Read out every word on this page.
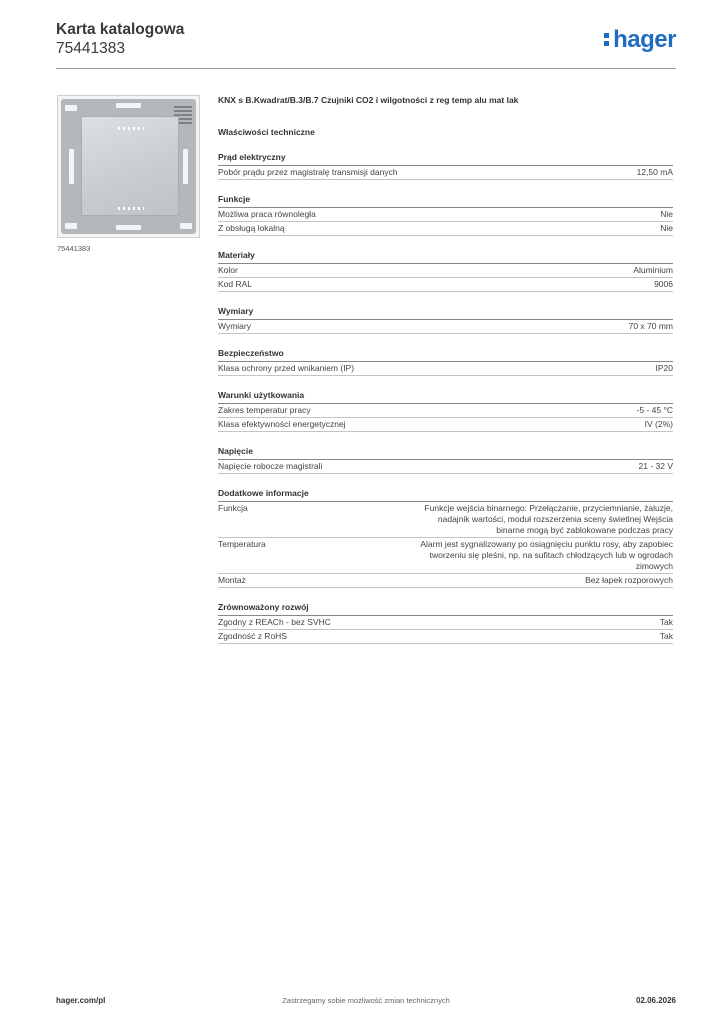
Karta katalogowa
75441383	hager
75441383
KNX s B.Kwadrat/B.3/B.7 Czujniki CO2 i wilgotności z reg temp alu mat lak
Właściwości techniczne
Prąd elektryczny
Pobór prądu przez magistralę transmisji danych	12,50 mA
Funkcje
Możliwa praca równoległa	Nie
Z obsługą lokalną	Nie
Materiały
Kolor	Aluminium
Kod RAL	9006
Wymiary
Wymiary	70 x 70 mm
Bezpieczeństwo
Klasa ochrony przed wnikaniem (IP)	IP20
Warunki użytkowania
Zakres temperatur pracy	-5 - 45 °C
Klasa efektywności energetycznej	IV (2%)
Napięcie
Napięcie robocze magistrali	21 - 32 V
Dodatkowe informacje
Funkcja	Funkcje wejścia binarnego: Przełączanie, przyciemnianie, żaluzje, nadajnik wartości, moduł rozszerzenia sceny świetlnej Wejścia binarne mogą być zablokowane podczas pracy
Temperatura	Alarm jest sygnalizowany po osiągnięciu punktu rosy, aby zapobiec tworzeniu się pleśni, np. na sufitach chłodzących lub w ogrodach zimowych
Montaż	Bez łapek rozporowych
Zrównoważony rozwój
Zgodny z REACh - bez SVHC	Tak
Zgodność z RoHS	Tak
Zastrzegamy sobie możliwość zmian technicznych
hager.com/pl	02.06.2026
